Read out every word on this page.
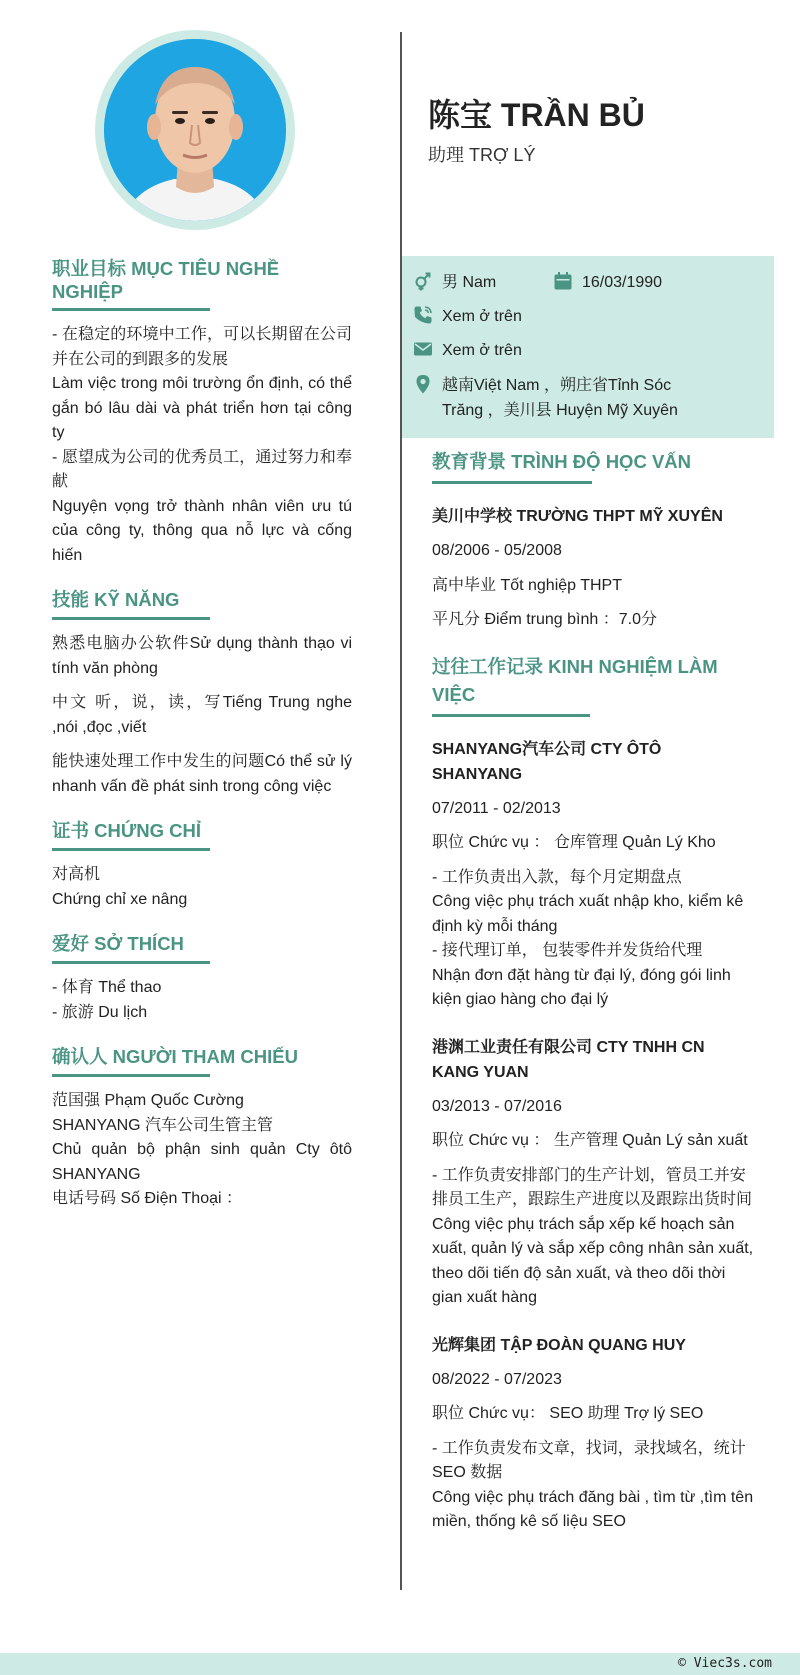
职业目标 MỤC TIÊU NGHỀ NGHIỆP
- 在稳定的环境中工作，可以长期留在公司并在公司的到跟多的发展
Làm việc trong môi trường ổn định, có thể gắn bó lâu dài và phát triển hơn tại công ty
- 愿望成为公司的优秀员工，通过努力和奉献
Nguyện vọng trở thành nhân viên ưu tú của công ty, thông qua nỗ lực và cống hiến
技能 KỸ NĂNG
熟悉电脑办公软件Sử dụng thành thạo vi tính văn phòng
中文 听，说，读，写Tiếng Trung nghe ,nói ,đọc ,viết
能快速处理工作中发生的问题Có thể sử lý nhanh vấn đề phát sinh trong công việc
证书 CHỨNG CHỈ
对高机
Chứng chỉ xe nâng
爱好 SỞ THÍCH
- 体育 Thể thao
- 旅游 Du lịch
确认人 NGƯỜI THAM CHIẾU
范国强 Phạm Quốc Cường
SHANYANG 汽车公司生管主管
Chủ quản bộ phận sinh quản Cty ôtô SHANYANG
电话号码 Số Điện Thoại ：
陈宝 TRẦN BỦ
助理 TRỢ LÝ
男 Nam	16/03/1990
Xem ở trên
Xem ở trên
越南Việt Nam ，朔庄省Tỉnh Sóc Trăng ，美川县 Huyện Mỹ Xuyên
教育背景 TRÌNH ĐỘ HỌC VẤN
美川中学校 TRƯỜNG THPT MỸ XUYÊN
08/2006 - 05/2008
高中毕业 Tốt nghiệp THPT
平凡分 Điểm trung bình ：7.0分
过往工作记录 KINH NGHIỆM LÀM VIỆC
SHANYANG汽车公司 CTY ÔTÔ SHANYANG
07/2011 - 02/2013
职位 Chức vụ ： 仓库管理 Quản Lý Kho
- 工作负责出入款，每个月定期盘点
Công việc phụ trách xuất nhập kho, kiểm kê định kỳ mỗi tháng
- 接代理订单， 包装零件并发货给代理
Nhận đơn đặt hàng từ đại lý, đóng gói linh kiện giao hàng cho đại lý
港渊工业责任有限公司 CTY TNHH CN KANG YUAN
03/2013 - 07/2016
职位 Chức vụ ： 生产管理 Quản Lý sản xuất
- 工作负责安排部门的生产计划，管员工并安排员工生产，跟踪生产进度以及跟踪出货时间
Công việc phụ trách sắp xếp kế hoạch sản xuất, quản lý và sắp xếp công nhân sản xuất, theo dõi tiến độ sản xuất, và theo dõi thời gian xuất hàng
光辉集团 TẬP ĐOÀN QUANG HUY
08/2022 - 07/2023
职位 Chức vụ： SEO 助理 Trợ lý SEO
- 工作负责发布文章，找词，录找域名，统计SEO 数据
Công việc phụ trách đăng bài , tìm từ ,tìm tên miền, thống kê số liệu SEO
© Viec3s.com
